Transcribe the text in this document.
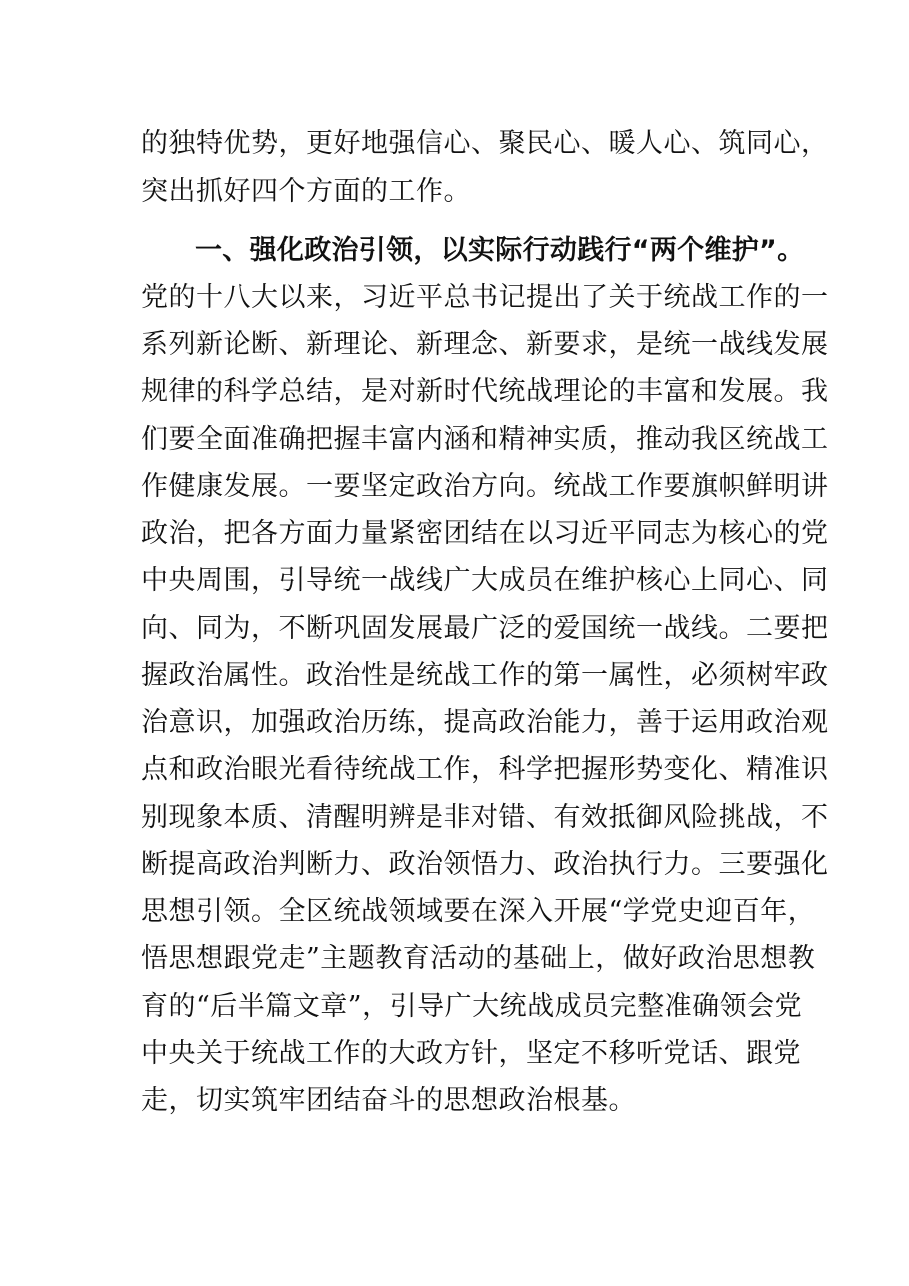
的独特优势，更好地强信心、聚民心、暖人心、筑同心，
突出抓好四个方面的工作。
一、强化政治引领，以实际行动践行“两个维护”。
党的十八大以来，习近平总书记提出了关于统战工作的一
系列新论断、新理论、新理念、新要求，是统一战线发展
规律的科学总结，是对新时代统战理论的丰富和发展。我
们要全面准确把握丰富内涵和精神实质，推动我区统战工
作健康发展。一要坚定政治方向。统战工作要旗帜鲜明讲
政治，把各方面力量紧密团结在以习近平同志为核心的党
中央周围，引导统一战线广大成员在维护核心上同心、同
向、同为，不断巩固发展最广泛的爱国统一战线。二要把
握政治属性。政治性是统战工作的第一属性，必须树牢政
治意识，加强政治历练，提高政治能力，善于运用政治观
点和政治眼光看待统战工作，科学把握形势变化、精准识
别现象本质、清醒明辨是非对错、有效抵御风险挑战，不
断提高政治判断力、政治领悟力、政治执行力。三要强化
思想引领。全区统战领域要在深入开展“学党史迎百年，
悟思想跟党走”主题教育活动的基础上，做好政治思想教
育的“后半篇文章”，引导广大统战成员完整准确领会党
中央关于统战工作的大政方针，坚定不移听党话、跟党
走，切实筑牢团结奋斗的思想政治根基。
